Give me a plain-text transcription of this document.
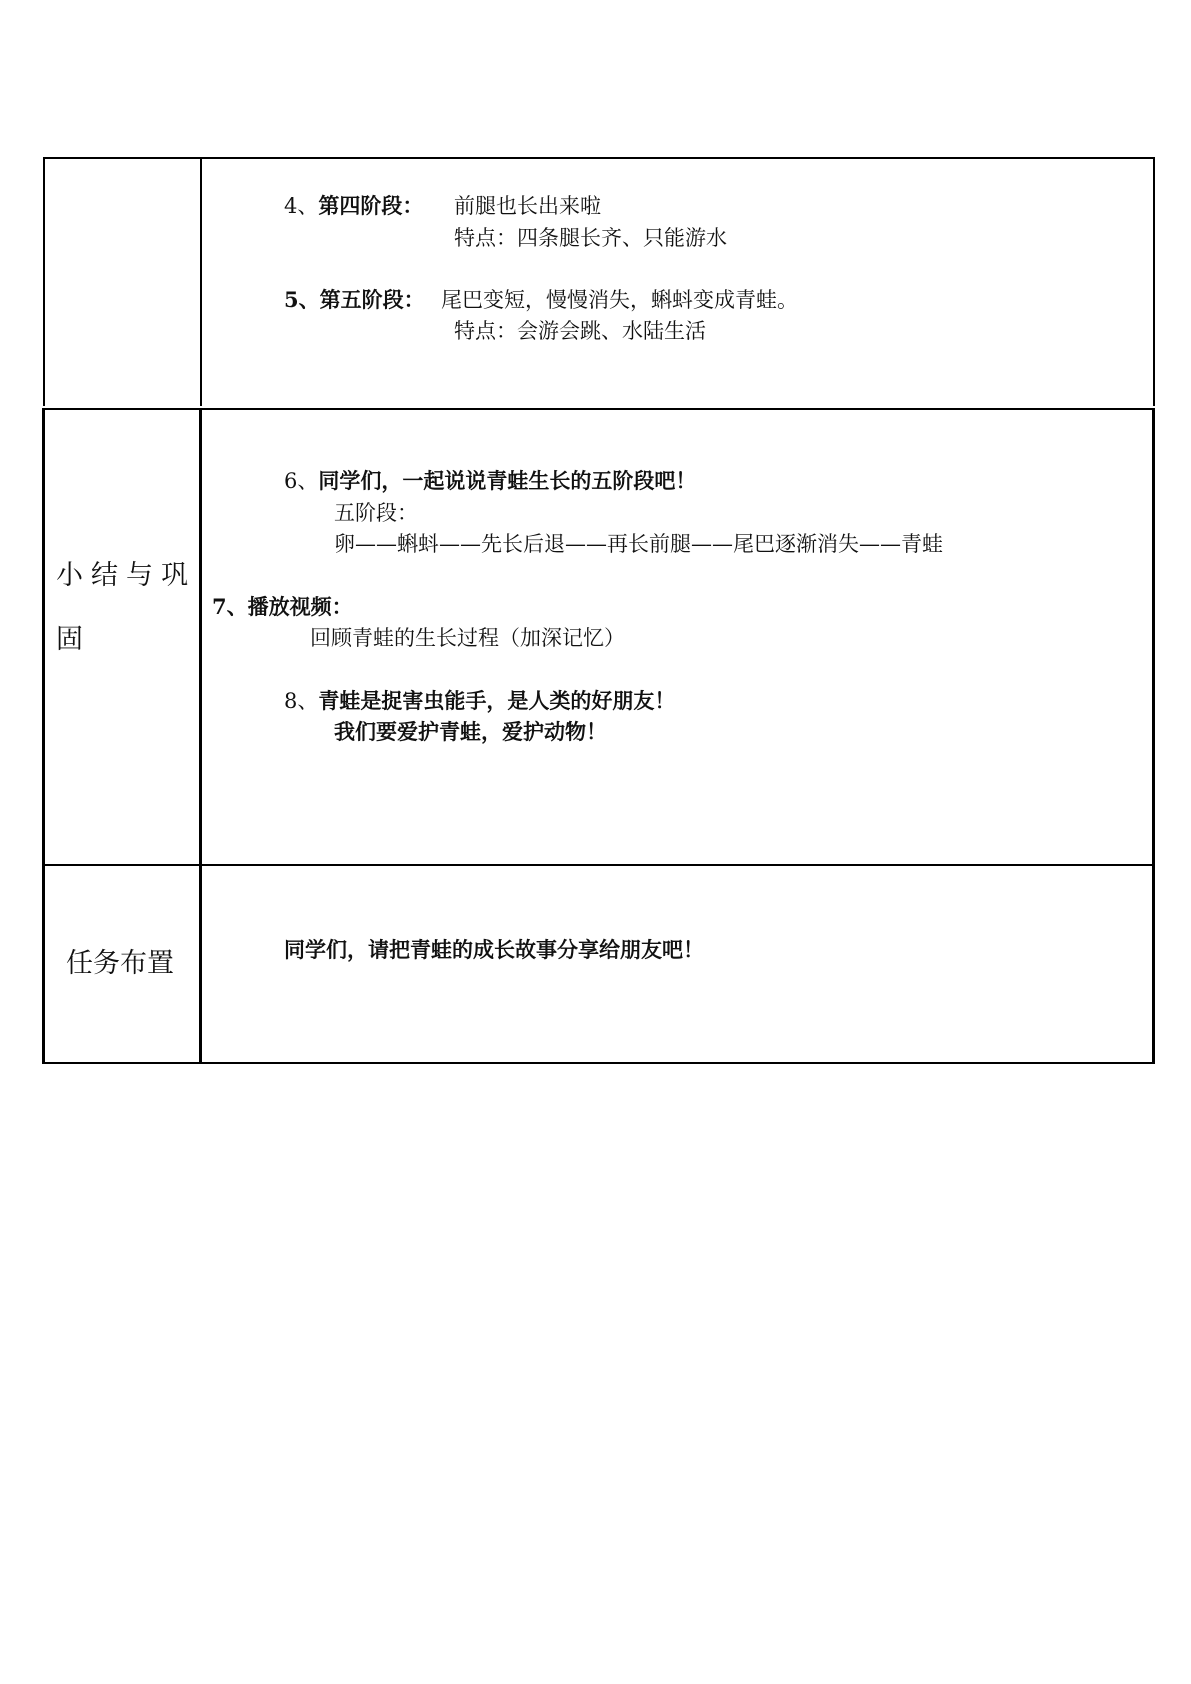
4、第四阶段： 前腿也长出来啦
特点：四条腿长齐、只能游水
5、第五阶段： 尾巴变短，慢慢消失，蝌蚪变成青蛙。
特点：会游会跳、水陆生活
小结与巩
固
6、同学们，一起说说青蛙生长的五阶段吧！
五阶段：
卵——蝌蚪——先长后退——再长前腿——尾巴逐渐消失——青蛙
7、播放视频：
回顾青蛙的生长过程（加深记忆）
8、青蛙是捉害虫能手，是人类的好朋友！
我们要爱护青蛙，爱护动物！
任务布置	同学们，请把青蛙的成长故事分享给朋友吧！
